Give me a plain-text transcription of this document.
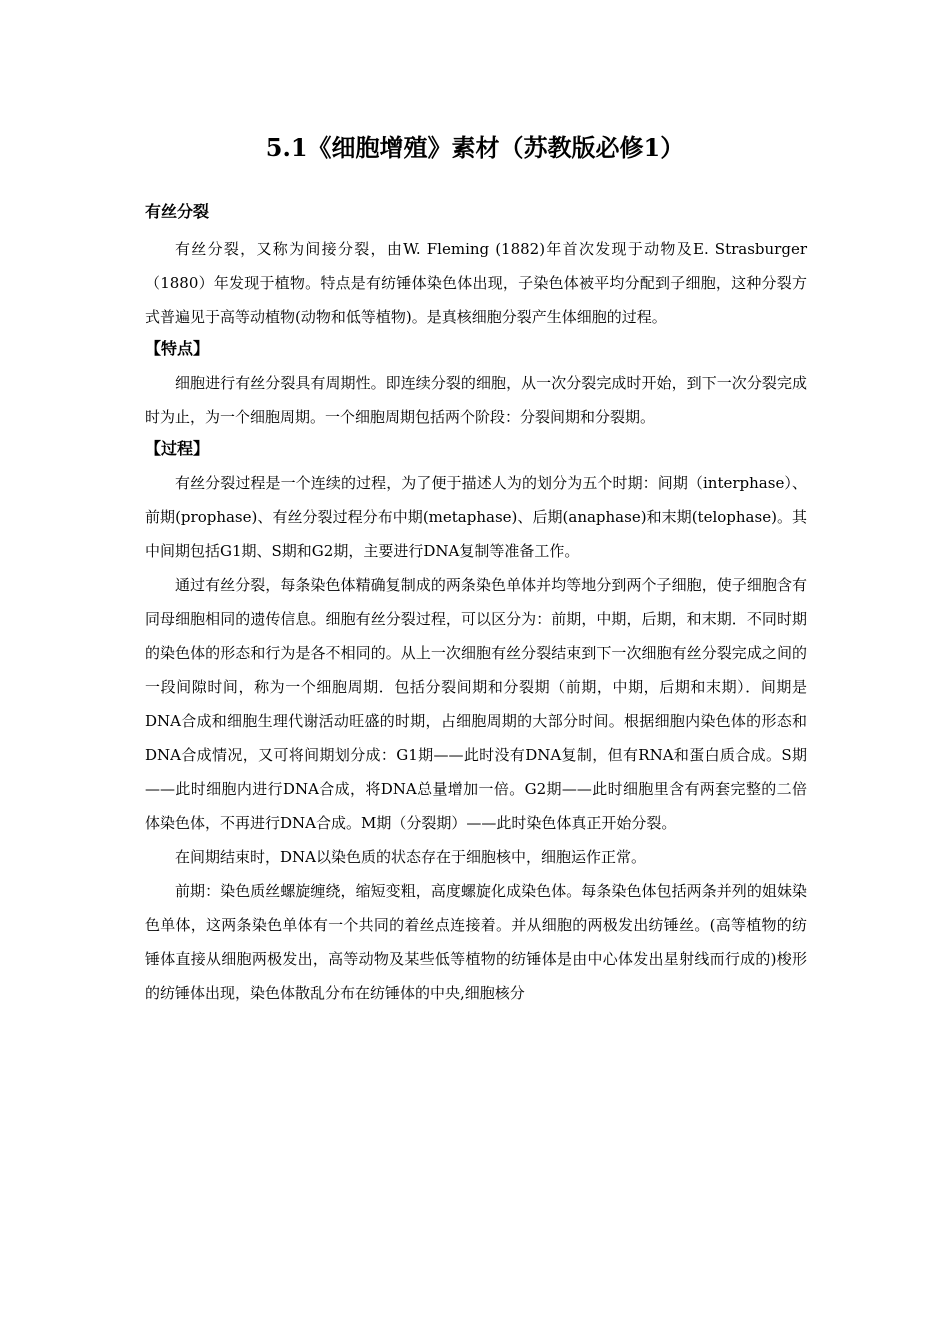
5.1《细胞增殖》素材（苏教版必修1）
有丝分裂

有丝分裂，又称为间接分裂，由W. Fleming (1882)年首次发现于动物及E. Strasburger（1880）年发现于植物。特点是有纺锤体染色体出现，子染色体被平均分配到子细胞，这种分裂方式普遍见于高等动植物(动物和低等植物)。是真核细胞分裂产生体细胞的过程。

【特点】

细胞进行有丝分裂具有周期性。即连续分裂的细胞，从一次分裂完成时开始，到下一次分裂完成时为止，为一个细胞周期。一个细胞周期包括两个阶段：分裂间期和分裂期。

【过程】

有丝分裂过程是一个连续的过程，为了便于描述人为的划分为五个时期：间期（interphase）、前期(prophase)、有丝分裂过程分布中期(metaphase)、后期(anaphase)和末期(telophase)。其中间期包括G1期、S期和G2期，主要进行DNA复制等准备工作。

通过有丝分裂，每条染色体精确复制成的两条染色单体并均等地分到两个子细胞，使子细胞含有同母细胞相同的遗传信息。细胞有丝分裂过程，可以区分为：前期，中期，后期，和末期．不同时期的染色体的形态和行为是各不相同的。从上一次细胞有丝分裂结束到下一次细胞有丝分裂完成之间的一段间隙时间，称为一个细胞周期．包括分裂间期和分裂期（前期，中期，后期和末期）．间期是DNA合成和细胞生理代谢活动旺盛的时期，占细胞周期的大部分时间。根据细胞内染色体的形态和DNA合成情况，又可将间期划分成：G1期——此时没有DNA复制，但有RNA和蛋白质合成。S期——此时细胞内进行DNA合成，将DNA总量增加一倍。G2期——此时细胞里含有两套完整的二倍体染色体，不再进行DNA合成。M期（分裂期）——此时染色体真正开始分裂。

在间期结束时，DNA以染色质的状态存在于细胞核中，细胞运作正常。

前期：染色质丝螺旋缠绕，缩短变粗，高度螺旋化成染色体。每条染色体包括两条并列的姐妹染色单体，这两条染色单体有一个共同的着丝点连接着。并从细胞的两极发出纺锤丝。(高等植物的纺锤体直接从细胞两极发出，高等动物及某些低等植物的纺锤体是由中心体发出星射线而行成的)梭形的纺锤体出现，染色体散乱分布在纺锤体的中央,细胞核分
